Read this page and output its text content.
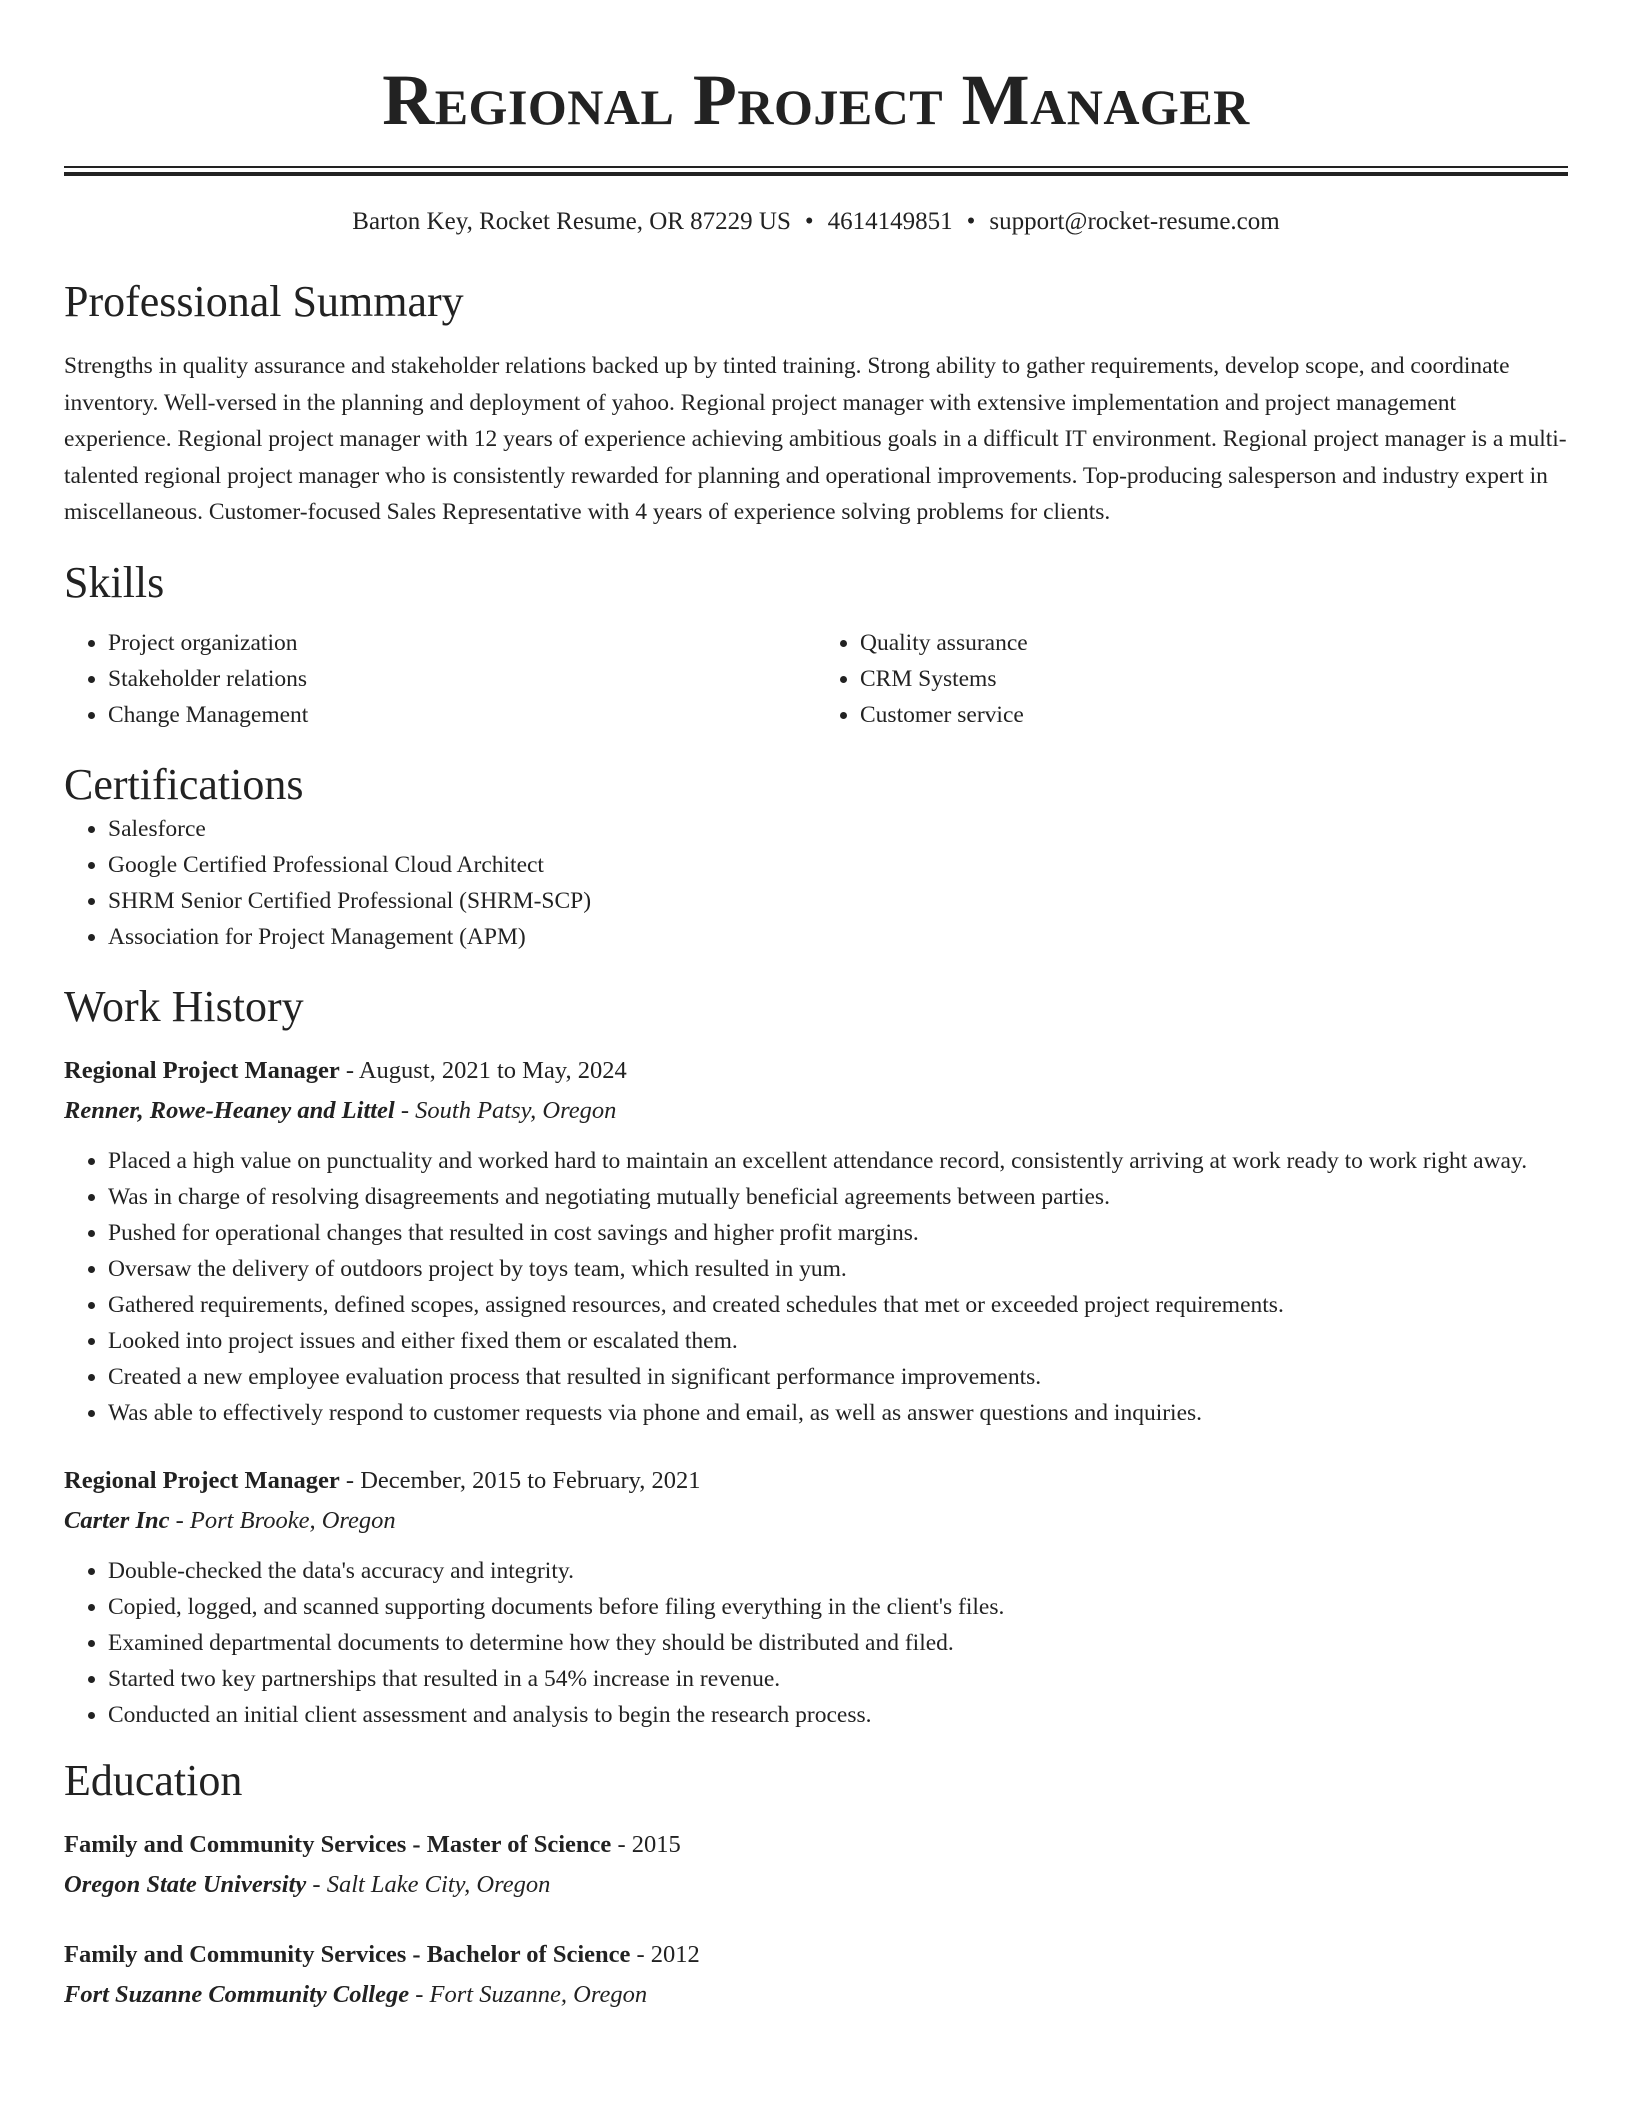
Regional Project Manager
Barton Key, Rocket Resume, OR 87229 US • 4614149851 • support@rocket-resume.com
Professional Summary

Strengths in quality assurance and stakeholder relations backed up by tinted training. Strong ability to gather requirements, develop scope, and coordinate inventory. Well-versed in the planning and deployment of yahoo. Regional project manager with extensive implementation and project management experience. Regional project manager with 12 years of experience achieving ambitious goals in a difficult IT environment. Regional project manager is a multi-talented regional project manager who is consistently rewarded for planning and operational improvements. Top-producing salesperson and industry expert in miscellaneous. Customer-focused Sales Representative with 4 years of experience solving problems for clients.

Skills
• Project organization
• Stakeholder relations
• Change Management
• Quality assurance
• CRM Systems
• Customer service
Certifications
• Salesforce
• Google Certified Professional Cloud Architect
• SHRM Senior Certified Professional (SHRM-SCP)
• Association for Project Management (APM)
Work History
Regional Project Manager - August, 2021 to May, 2024
Renner, Rowe-Heaney and Littel - South Patsy, Oregon
• Placed a high value on punctuality and worked hard to maintain an excellent attendance record, consistently arriving at work ready to work right away.
• Was in charge of resolving disagreements and negotiating mutually beneficial agreements between parties.
• Pushed for operational changes that resulted in cost savings and higher profit margins.
• Oversaw the delivery of outdoors project by toys team, which resulted in yum.
• Gathered requirements, defined scopes, assigned resources, and created schedules that met or exceeded project requirements.
• Looked into project issues and either fixed them or escalated them.
• Created a new employee evaluation process that resulted in significant performance improvements.
• Was able to effectively respond to customer requests via phone and email, as well as answer questions and inquiries.
Regional Project Manager - December, 2015 to February, 2021
Carter Inc - Port Brooke, Oregon
• Double-checked the data's accuracy and integrity.
• Copied, logged, and scanned supporting documents before filing everything in the client's files.
• Examined departmental documents to determine how they should be distributed and filed.
• Started two key partnerships that resulted in a 54% increase in revenue.
• Conducted an initial client assessment and analysis to begin the research process.
Education
Family and Community Services - Master of Science - 2015
Oregon State University - Salt Lake City, Oregon
Family and Community Services - Bachelor of Science - 2012
Fort Suzanne Community College - Fort Suzanne, Oregon
